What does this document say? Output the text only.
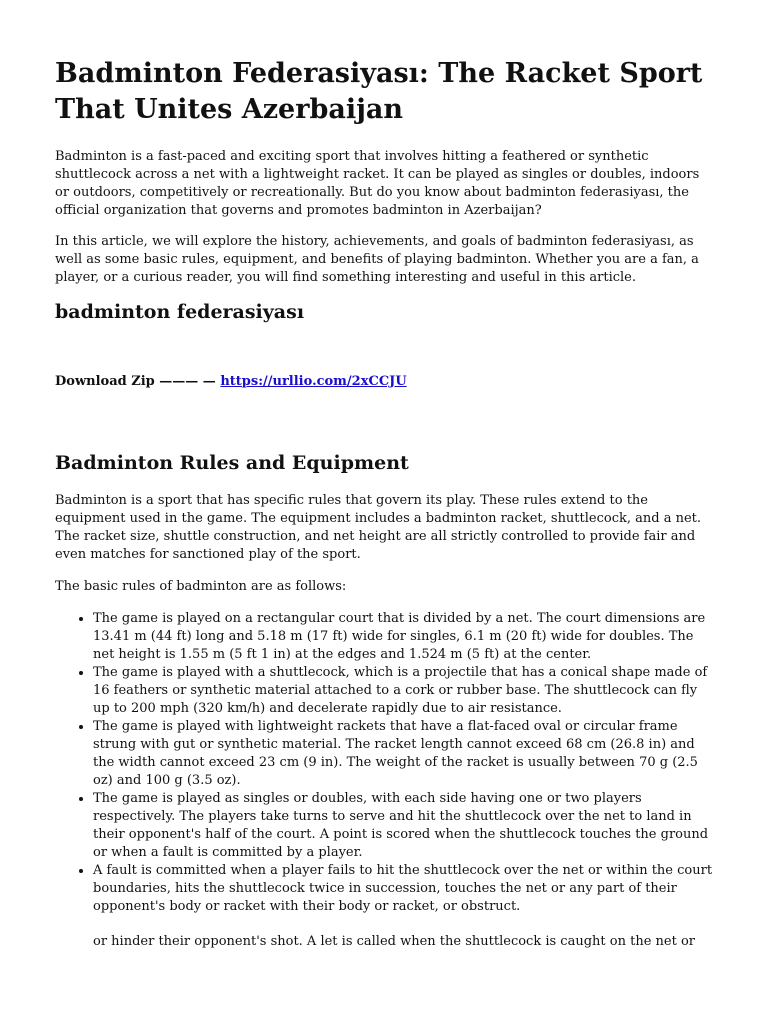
Badminton Federasiyası: The Racket Sport That Unites Azerbaijan

Badminton is a fast-paced and exciting sport that involves hitting a feathered or synthetic shuttlecock across a net with a lightweight racket. It can be played as singles or doubles, indoors or outdoors, competitively or recreationally. But do you know about badminton federasiyası, the official organization that governs and promotes badminton in Azerbaijan?

In this article, we will explore the history, achievements, and goals of badminton federasiyası, as well as some basic rules, equipment, and benefits of playing badminton. Whether you are a fan, a player, or a curious reader, you will find something interesting and useful in this article.

badminton federasiyası
Download Zip ——— — https://urllio.com/2xCCJU
Badminton Rules and Equipment

Badminton is a sport that has specific rules that govern its play. These rules extend to the equipment used in the game. The equipment includes a badminton racket, shuttlecock, and a net. The racket size, shuttle construction, and net height are all strictly controlled to provide fair and even matches for sanctioned play of the sport.

The basic rules of badminton are as follows:

• The game is played on a rectangular court that is divided by a net. The court dimensions are 13.41 m (44 ft) long and 5.18 m (17 ft) wide for singles, 6.1 m (20 ft) wide for doubles. The net height is 1.55 m (5 ft 1 in) at the edges and 1.524 m (5 ft) at the center.
• The game is played with a shuttlecock, which is a projectile that has a conical shape made of 16 feathers or synthetic material attached to a cork or rubber base. The shuttlecock can fly up to 200 mph (320 km/h) and decelerate rapidly due to air resistance.
• The game is played with lightweight rackets that have a flat-faced oval or circular frame strung with gut or synthetic material. The racket length cannot exceed 68 cm (26.8 in) and the width cannot exceed 23 cm (9 in). The weight of the racket is usually between 70 g (2.5 oz) and 100 g (3.5 oz).
• The game is played as singles or doubles, with each side having one or two players respectively. The players take turns to serve and hit the shuttlecock over the net to land in their opponent's half of the court. A point is scored when the shuttlecock touches the ground or when a fault is committed by a player.
• A fault is committed when a player fails to hit the shuttlecock over the net or within the court boundaries, hits the shuttlecock twice in succession, touches the net or any part of their opponent's body or racket with their body or racket, or obstruct.

or hinder their opponent's shot. A let is called when the shuttlecock is caught on the net or
